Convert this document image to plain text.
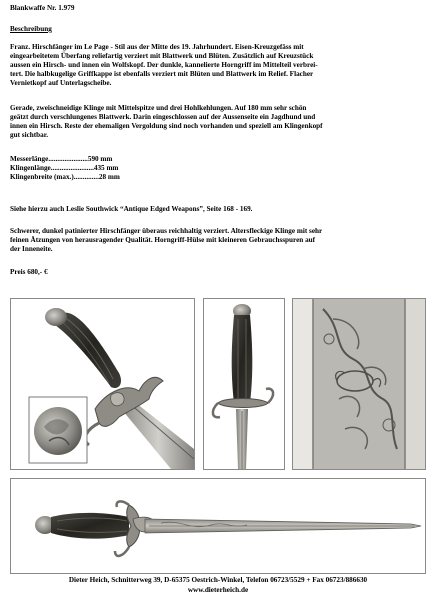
Blankwaffe Nr. 1.979
Beschreibung
Franz. Hirschfänger im Le Page - Stil aus der Mitte des 19. Jahrhundert. Eisen-Kreuzgefäss mit
eingearbeitetem Überfang reliefartig verziert mit Blattwerk und Blüten. Zusätzlich auf Kreuzstück
aussen ein Hirsch- und innen ein Wolfskopf. Der dunkle, kannelierte Horngriff im Mittelteil verbrei-
tert. Die halbkugelige Griffkappe ist ebenfalls verziert mit Blüten und Blattwerk im Relief. Flacher
Vernietkopf auf Unterlagscheibe.
Gerade, zweischneidige Klinge mit Mittelspitze und drei Hohlkehlungen. Auf 180 mm sehr schön
geätzt durch verschlungenes Blattwerk. Darin eingeschlossen auf der Aussenseite ein Jagdhund und
innen ein Hirsch. Reste der ehemaligen Vergoldung sind noch vorhanden und speziell am Klingenkopf
gut sichtbar.
Messerlänge......................590 mm
Klingenlänge........................435 mm
Klingenbreite (max.)..............28 mm
Siehe hierzu auch Leslie Southwick “Antique Edged Weapons”, Seite 168 - 169.
Schwerer, dunkel patinierter Hirschfänger überaus reichhaltig verziert. Altersfleckige Klinge mit sehr
feinen Ätzungen von herausragender Qualität. Horngriff-Hülse mit kleineren Gebrauchsspuren auf
der Inneneite.
Preis 680,- €
Dieter Heich, Schnitterweg 39, D-65375 Oestrich-Winkel, Telefon 06723/5529 + Fax 06723/886630
www.dieterheich.de
